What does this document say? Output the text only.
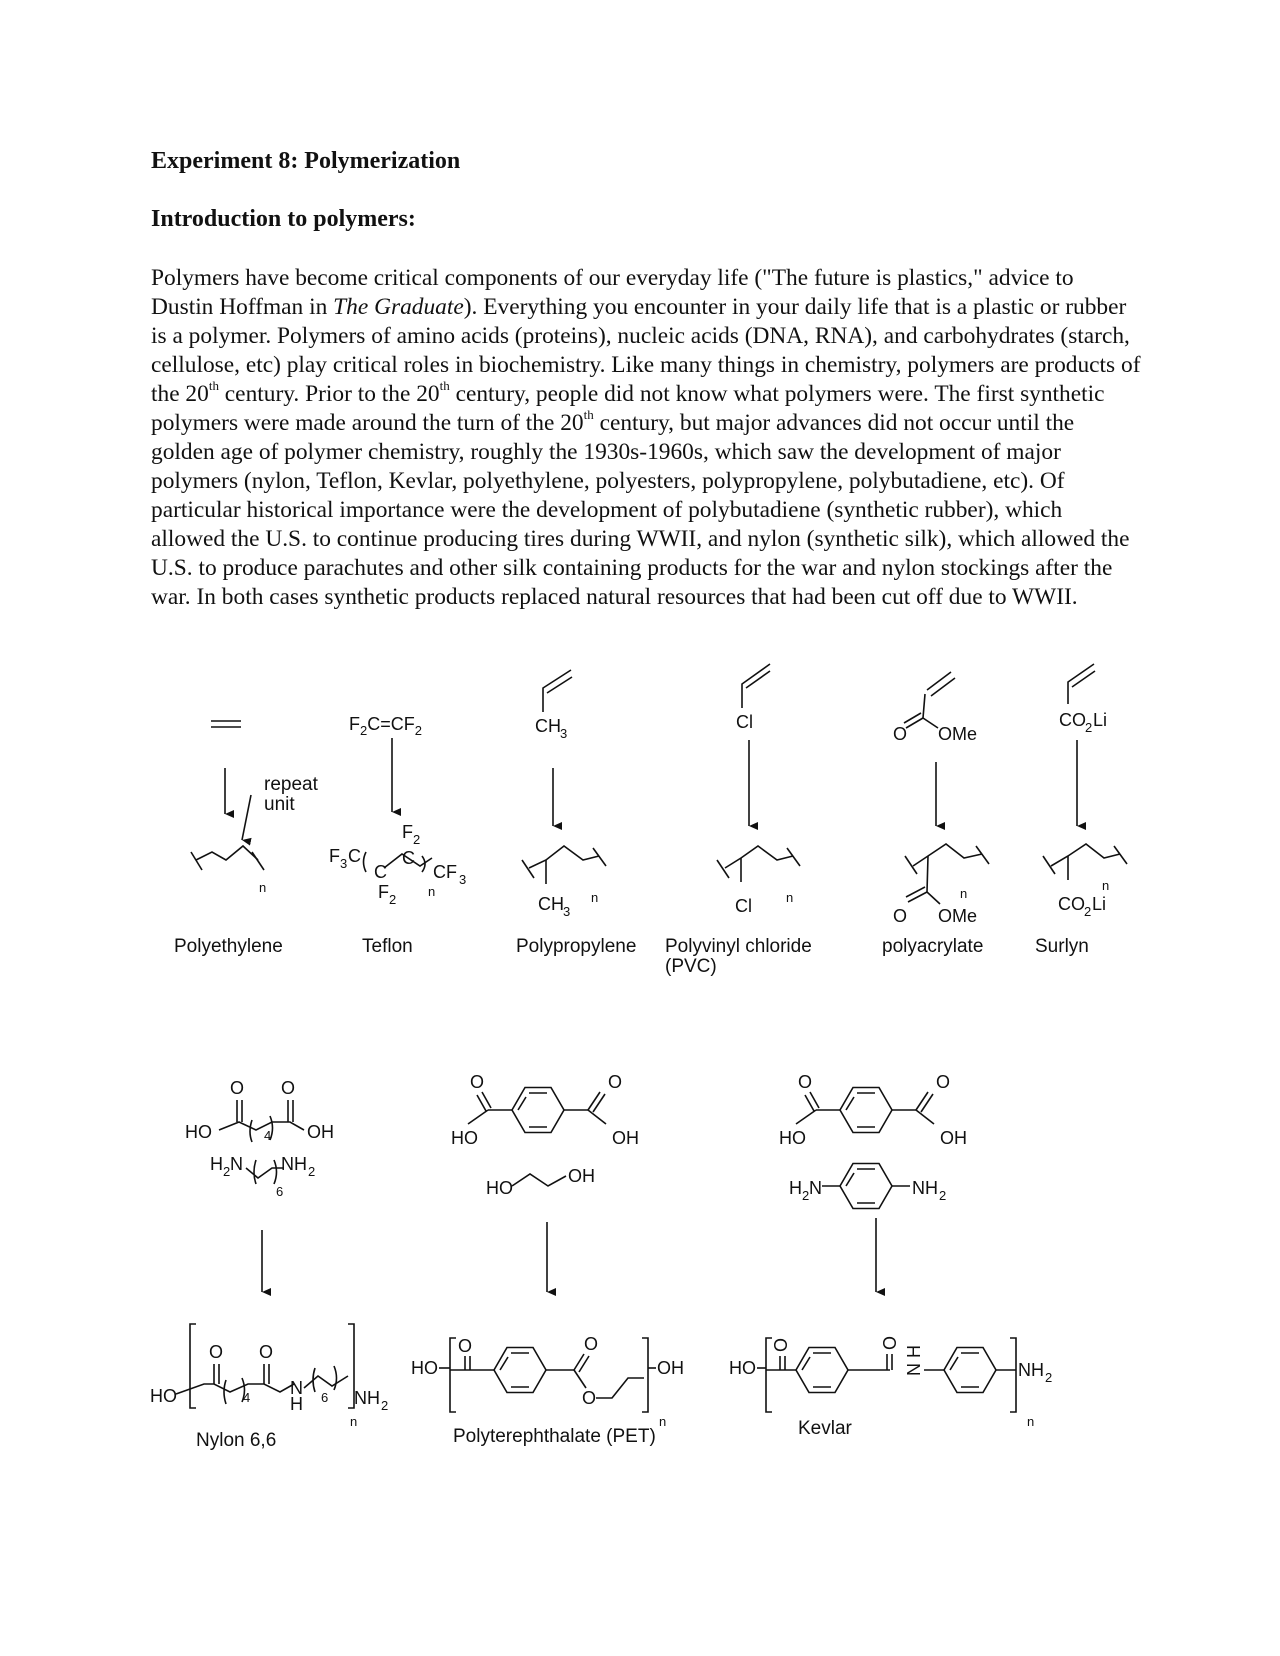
Experiment 8: Polymerization
Introduction to polymers:

Polymers have become critical components of our everyday life ("The future is plastics," advice to Dustin Hoffman in The Graduate). Everything you encounter in your daily life that is a plastic or rubber is a polymer. Polymers of amino acids (proteins), nucleic acids (DNA, RNA), and carbohydrates (starch, cellulose, etc) play critical roles in biochemistry. Like many things in chemistry, polymers are products of the 20th century. Prior to the 20th century, people did not know what polymers were. The first synthetic polymers were made around the turn of the 20th century, but major advances did not occur until the golden age of polymer chemistry, roughly the 1930s-1960s, which saw the development of major polymers (nylon, Teflon, Kevlar, polyethylene, polyesters, polypropylene, polybutadiene, etc). Of particular historical importance were the development of polybutadiene (synthetic rubber), which allowed the U.S. to continue producing tires during WWII, and nylon (synthetic silk), which allowed the U.S. to produce parachutes and other silk containing products for the war and nylon stockings after the war. In both cases synthetic products replaced natural resources that had been cut off due to WWII.

repeat
unit
n
Polyethylene
$F_2C=CF_2$
F 2
F 3 C
C
C
F 2
CF 3
n
Teflon
CH 3
CH 3
n
Polypropylene
Cl
Cl	n
Polyvinyl chloride
(PVC)
O OMe
O OMe
n
polyacrylate
CO 2 Li
n
CO 2 Li
Surlyn
O O
HO	OH
4
H 2 N NH 2
6
O	O
HO	OH
HO
OH
O	O
HO	OH
H 2 N	NH 2
HO
O O
4 N
H 6 NH 2
n
Nylon 6,6
HO
O	O
O
OH
n
Polyterephthalate (PET)
HO
O	O
H
N	NH 2
n
Kevlar
